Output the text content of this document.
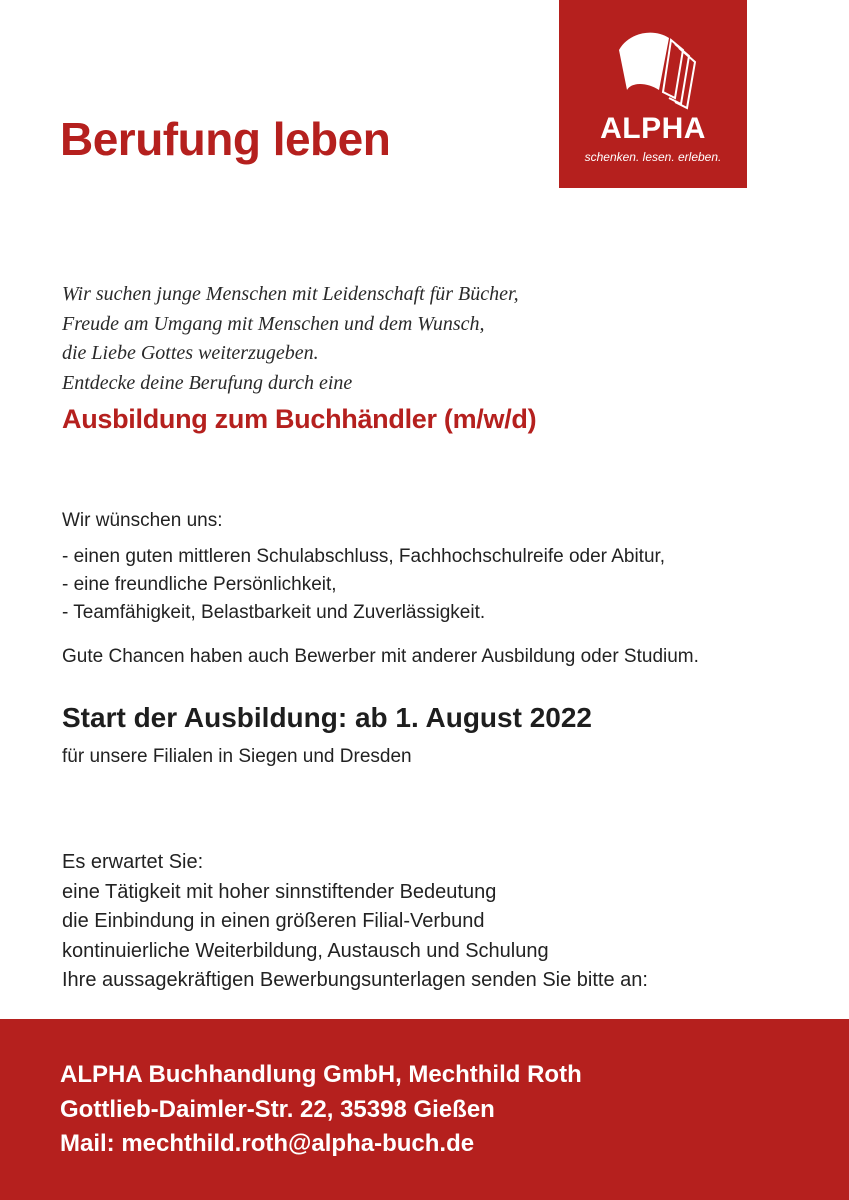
Berufung leben	ALPHA
schenken. lesen. erleben.
Wir suchen junge Menschen mit Leidenschaft für Bücher,
Freude am Umgang mit Menschen und dem Wunsch,
die Liebe Gottes weiterzugeben.
Entdecke deine Berufung durch eine
Ausbildung zum Buchhändler (m/w/d)
Wir wünschen uns:
- einen guten mittleren Schulabschluss, Fachhochschulreife oder Abitur,
- eine freundliche Persönlichkeit,
- Teamfähigkeit, Belastbarkeit und Zuverlässigkeit.
Gute Chancen haben auch Bewerber mit anderer Ausbildung oder Studium.
Start der Ausbildung: ab 1. August 2022
für unsere Filialen in Siegen und Dresden
Es erwartet Sie:
eine Tätigkeit mit hoher sinnstiftender Bedeutung
die Einbindung in einen größeren Filial-Verbund
kontinuierliche Weiterbildung, Austausch und Schulung
Ihre aussagekräftigen Bewerbungsunterlagen senden Sie bitte an:
ALPHA Buchhandlung GmbH, Mechthild Roth
Gottlieb-Daimler-Str. 22, 35398 Gießen
Mail: mechthild.roth@alpha-buch.de
